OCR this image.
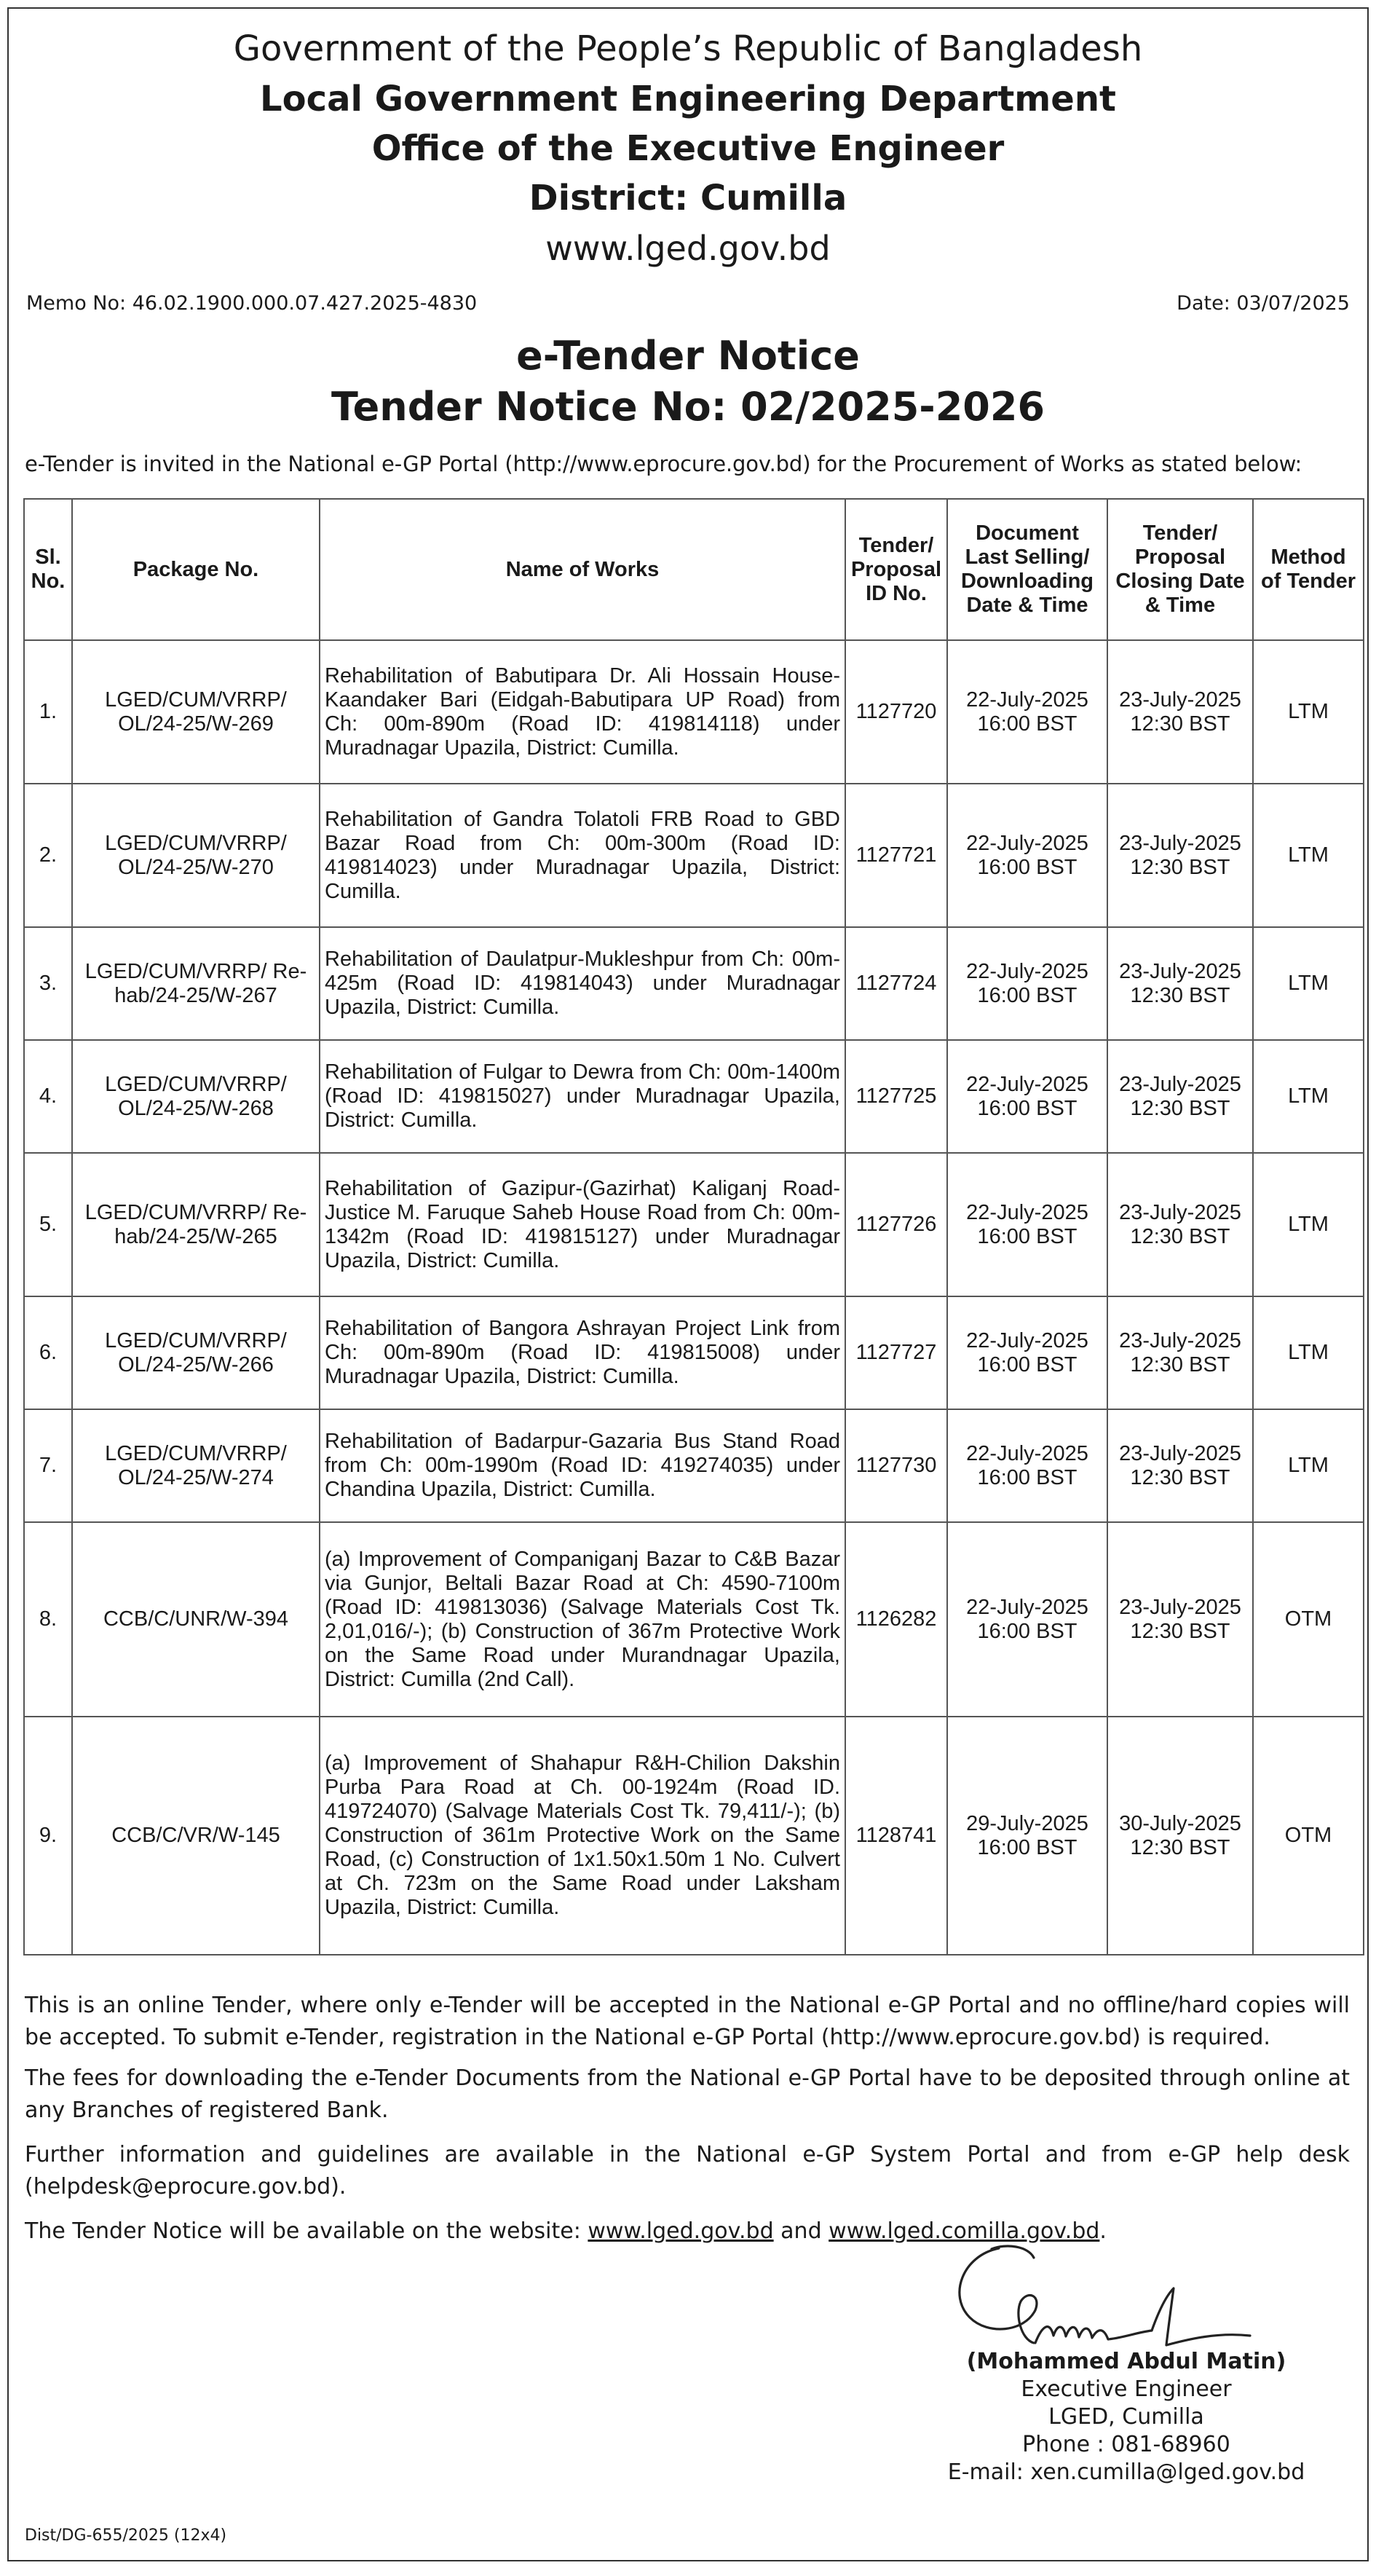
Government of the People’s Republic of Bangladesh
Local Government Engineering Department
Office of the Executive Engineer
District: Cumilla
www.lged.gov.bd
Memo No: 46.02.1900.000.07.427.2025-4830	Date: 03/07/2025
e-Tender Notice
Tender Notice No: 02/2025-2026
e-Tender is invited in the National e-GP Portal (http://www.eprocure.gov.bd) for the Procurement of Works as stated below:
Sl. No.	Package No.	Name of Works	Tender/ Proposal ID No.	Document Last Selling/ Downloading Date & Time	Tender/ Proposal Closing Date & Time	Method of Tender
1.	LGED/CUM/VRRP/ OL/24-25/W-269	Rehabilitation of Babutipara Dr. Ali Hossain House-Kaandaker Bari (Eidgah-Babutipara UP Road) from Ch: 00m-890m (Road ID: 419814118) under Muradnagar Upazila, District: Cumilla.	1127720	22-July-2025 16:00 BST	23-July-2025 12:30 BST	LTM
2.	LGED/CUM/VRRP/ OL/24-25/W-270	Rehabilitation of Gandra Tolatoli FRB Road to GBD Bazar Road from Ch: 00m-300m (Road ID: 419814023) under Muradnagar Upazila, District: Cumilla.	1127721	22-July-2025 16:00 BST	23-July-2025 12:30 BST	LTM
3.	LGED/CUM/VRRP/ Re-hab/24-25/W-267	Rehabilitation of Daulatpur-Mukleshpur from Ch: 00m-425m (Road ID: 419814043) under Muradnagar Upazila, District: Cumilla.	1127724	22-July-2025 16:00 BST	23-July-2025 12:30 BST	LTM
4.	LGED/CUM/VRRP/ OL/24-25/W-268	Rehabilitation of Fulgar to Dewra from Ch: 00m-1400m (Road ID: 419815027) under Muradnagar Upazila, District: Cumilla.	1127725	22-July-2025 16:00 BST	23-July-2025 12:30 BST	LTM
5.	LGED/CUM/VRRP/ Re-hab/24-25/W-265	Rehabilitation of Gazipur-(Gazirhat) Kaliganj Road-Justice M. Faruque Saheb House Road from Ch: 00m-1342m (Road ID: 419815127) under Muradnagar Upazila, District: Cumilla.	1127726	22-July-2025 16:00 BST	23-July-2025 12:30 BST	LTM
6.	LGED/CUM/VRRP/ OL/24-25/W-266	Rehabilitation of Bangora Ashrayan Project Link from Ch: 00m-890m (Road ID: 419815008) under Muradnagar Upazila, District: Cumilla.	1127727	22-July-2025 16:00 BST	23-July-2025 12:30 BST	LTM
7.	LGED/CUM/VRRP/ OL/24-25/W-274	Rehabilitation of Badarpur-Gazaria Bus Stand Road from Ch: 00m-1990m (Road ID: 419274035) under Chandina Upazila, District: Cumilla.	1127730	22-July-2025 16:00 BST	23-July-2025 12:30 BST	LTM
8.	CCB/C/UNR/W-394	(a) Improvement of Companiganj Bazar to C&B Bazar via Gunjor, Beltali Bazar Road at Ch: 4590-7100m (Road ID: 419813036) (Salvage Materials Cost Tk. 2,01,016/-); (b) Construction of 367m Protective Work on the Same Road under Murandnagar Upazila, District: Cumilla (2nd Call).	1126282	22-July-2025 16:00 BST	23-July-2025 12:30 BST	OTM
9.	CCB/C/VR/W-145	(a) Improvement of Shahapur R&H-Chilion Dakshin Purba Para Road at Ch. 00-1924m (Road ID. 419724070) (Salvage Materials Cost Tk. 79,411/-); (b) Construction of 361m Protective Work on the Same Road, (c) Construction of 1x1.50x1.50m 1 No. Culvert at Ch. 723m on the Same Road under Laksham Upazila, District: Cumilla.	1128741	29-July-2025 16:00 BST	30-July-2025 12:30 BST	OTM

This is an online Tender, where only e-Tender will be accepted in the National e-GP Portal and no offline/hard copies will be accepted. To submit e-Tender, registration in the National e-GP Portal (http://www.eprocure.gov.bd) is required.

The fees for downloading the e-Tender Documents from the National e-GP Portal have to be deposited through online at any Branches of registered Bank.

Further information and guidelines are available in the National e-GP System Portal and from e-GP help desk (helpdesk@eprocure.gov.bd).

The Tender Notice will be available on the website: www.lged.gov.bd and www.lged.comilla.gov.bd.

(Mohammed Abdul Matin)
Executive Engineer
LGED, Cumilla
Phone : 081-68960
E-mail: xen.cumilla@lged.gov.bd
Dist/DG-655/2025 (12x4)
